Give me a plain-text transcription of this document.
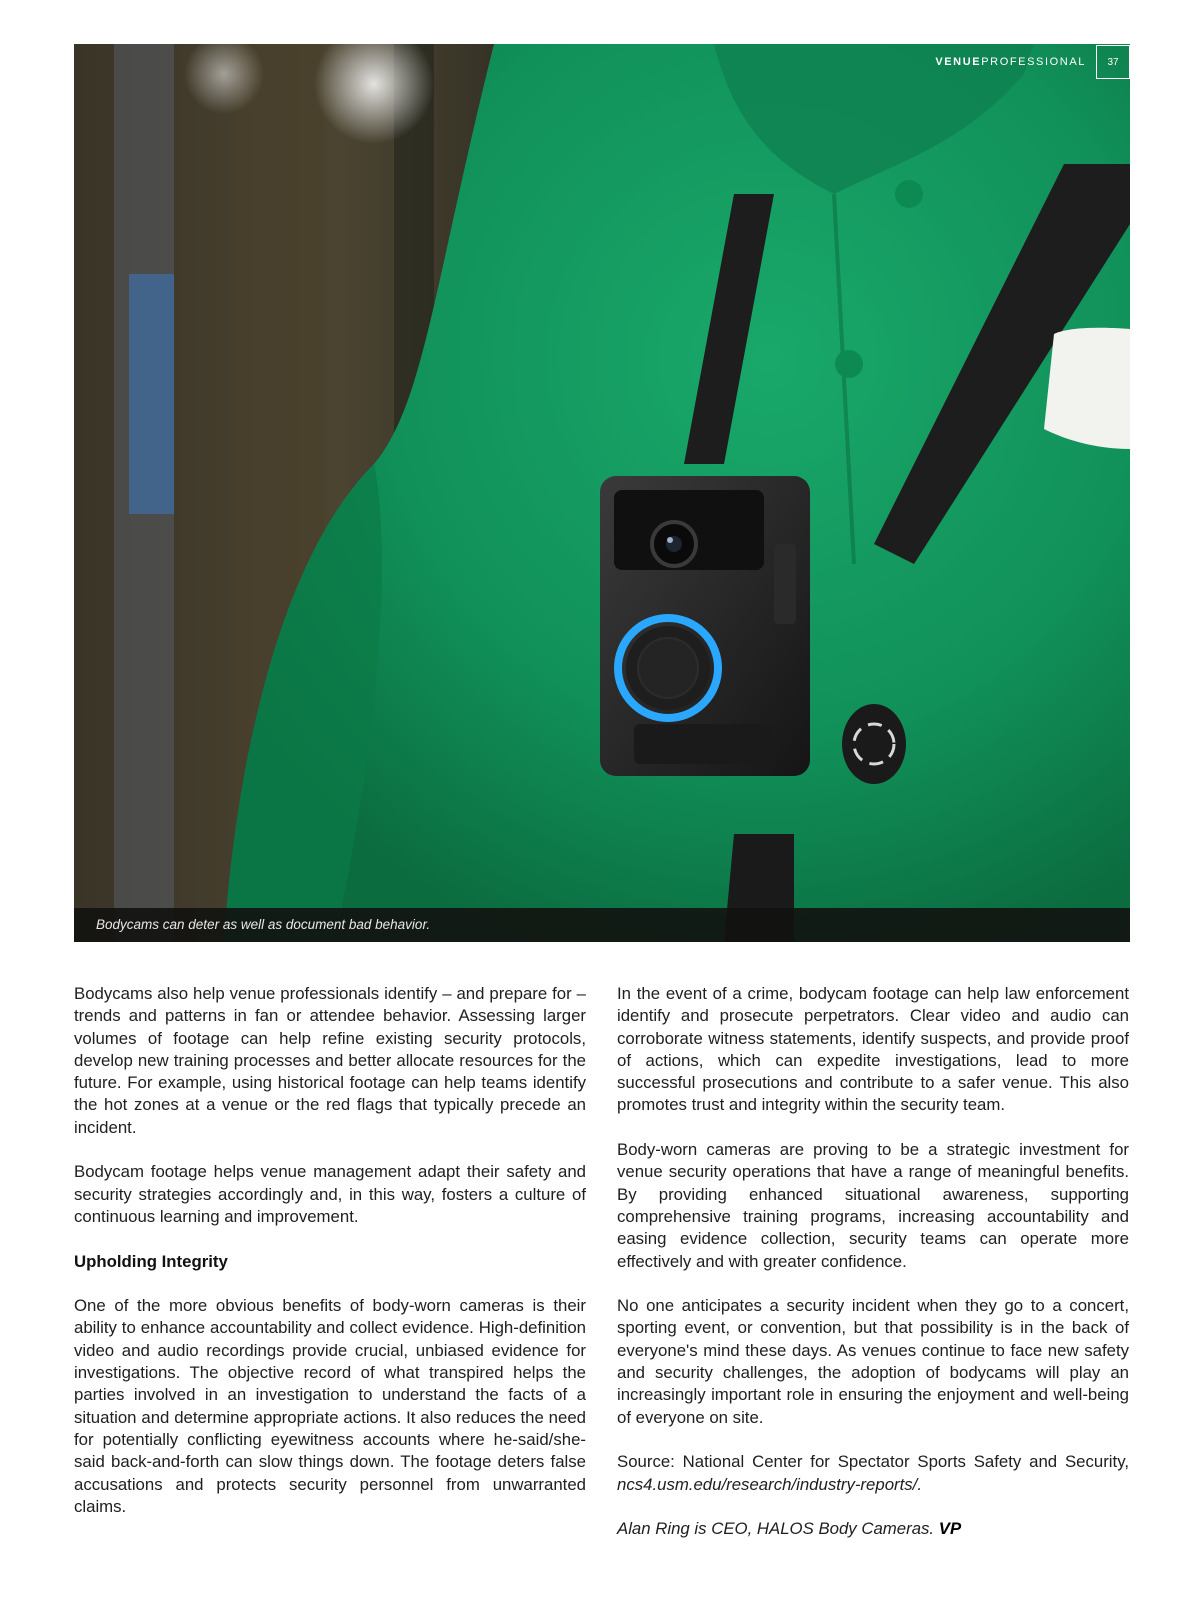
VENUEPROFESSIONAL	37
Bodycams can deter as well as document bad behavior.

Bodycams also help venue professionals identify – and prepare for – trends and patterns in fan or attendee behavior. Assessing larger volumes of footage can help refine existing security protocols, develop new training processes and better allocate resources for the future. For example, using historical footage can help teams identify the hot zones at a venue or the red flags that typically precede an incident.

Bodycam footage helps venue management adapt their safety and security strategies accordingly and, in this way, fosters a culture of continuous learning and improvement.

Upholding Integrity

One of the more obvious benefits of body-worn cameras is their ability to enhance accountability and collect evidence. High-definition video and audio recordings provide crucial, unbiased evidence for investigations. The objective record of what transpired helps the parties involved in an investigation to understand the facts of a situation and determine appropriate actions. It also reduces the need for potentially conflicting eyewitness accounts where he-said/she-said back-and-forth can slow things down. The footage deters false accusations and protects security personnel from unwarranted claims.

In the event of a crime, bodycam footage can help law enforcement identify and prosecute perpetrators. Clear video and audio can corroborate witness statements, identify suspects, and provide proof of actions, which can expedite investigations, lead to more successful prosecutions and contribute to a safer venue. This also promotes trust and integrity within the security team.

Body-worn cameras are proving to be a strategic investment for venue security operations that have a range of meaningful benefits. By providing enhanced situational awareness, supporting comprehensive training programs, increasing accountability and easing evidence collection, security teams can operate more effectively and with greater confidence.

No one anticipates a security incident when they go to a concert, sporting event, or convention, but that possibility is in the back of everyone's mind these days. As venues continue to face new safety and security challenges, the adoption of bodycams will play an increasingly important role in ensuring the enjoyment and well-being of everyone on site.

Source: National Center for Spectator Sports Safety and Security, ncs4.usm.edu/research/industry-reports/.

Alan Ring is CEO, HALOS Body Cameras. VP
